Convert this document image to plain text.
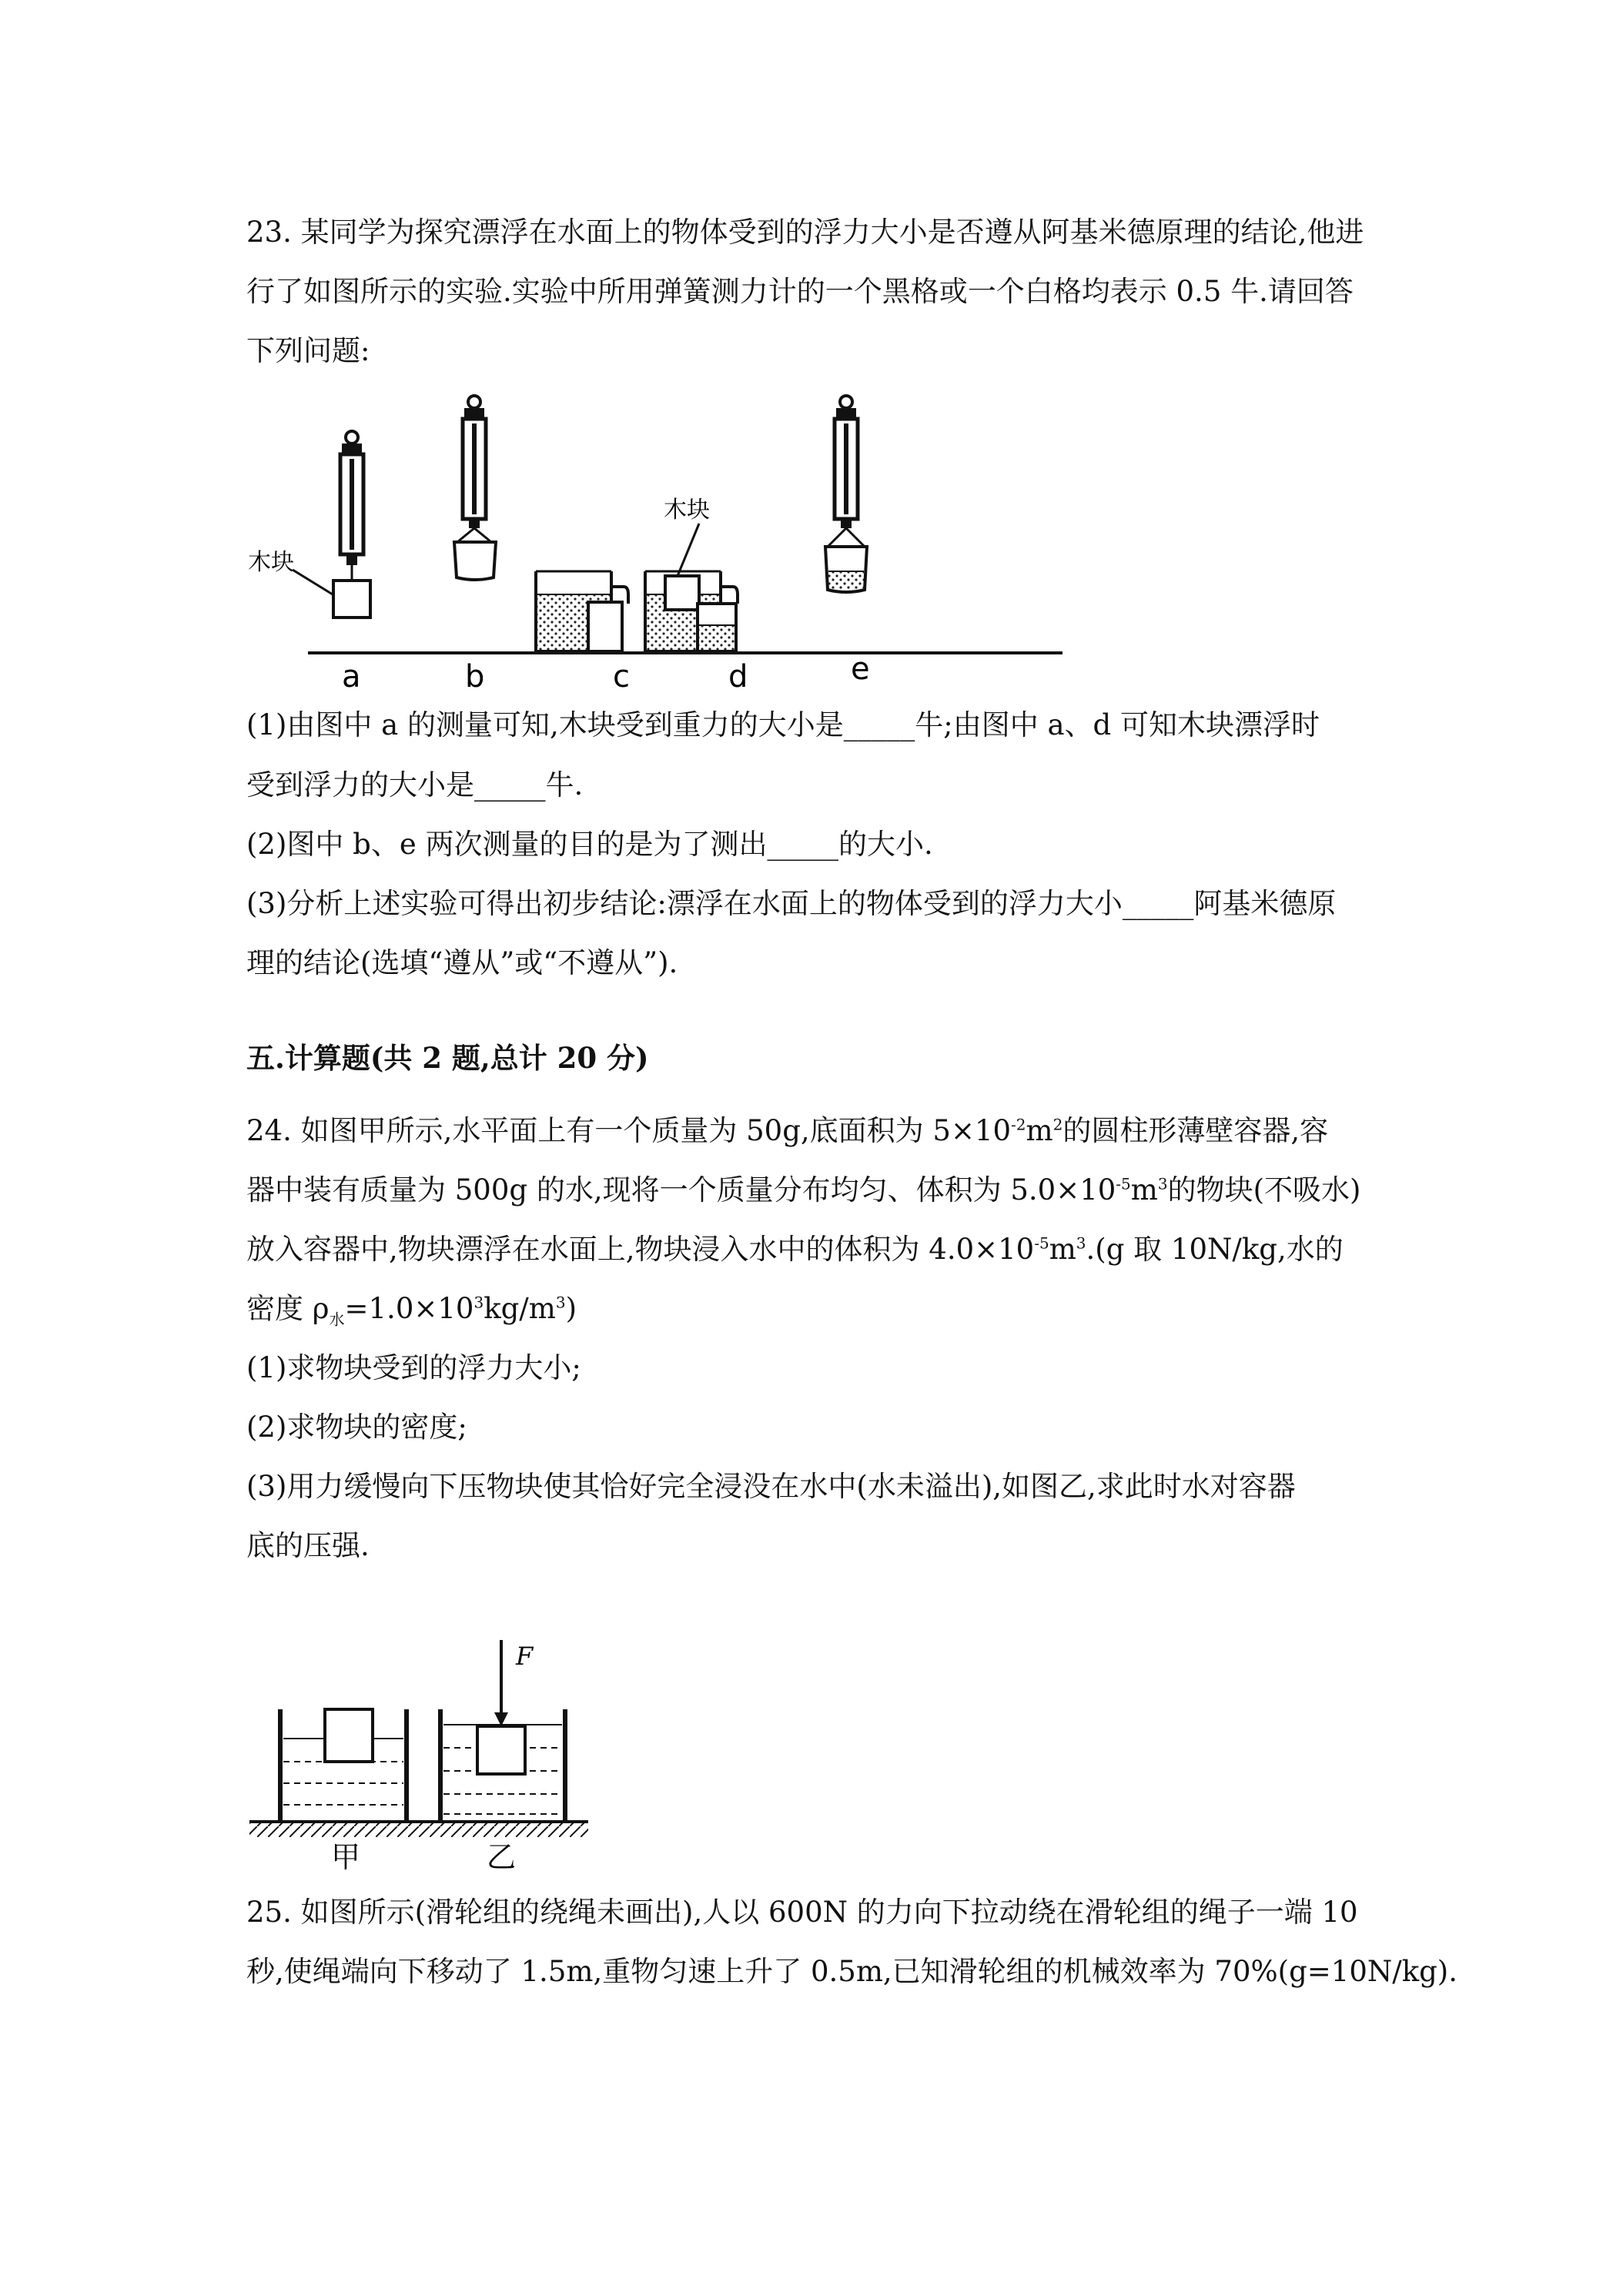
23. 某同学为探究漂浮在水面上的物体受到的浮力大小是否遵从阿基米德原理的结论,他进

行了如图所示的实验.实验中所用弹簧测力计的一个黑格或一个白格均表示 0.5 牛.请回答

下列问题:

木块
木块
a	b	c	d	e

(1)由图中 a 的测量可知,木块受到重力的大小是_____牛;由图中 a、d 可知木块漂浮时

受到浮力的大小是_____牛.

(2)图中 b、e 两次测量的目的是为了测出_____的大小.

(3)分析上述实验可得出初步结论:漂浮在水面上的物体受到的浮力大小_____阿基米德原

理的结论(选填“遵从”或“不遵从”).

五.计算题(共 2 题,总计 20 分)

24. 如图甲所示,水平面上有一个质量为 50g,底面积为 $5\times 10^{-2}m^2$的圆柱形薄壁容器,容

器中装有质量为 500g 的水,现将一个质量分布均匀、体积为 $5.0\times 10^{-5}m^3$的物块(不吸水)

放入容器中,物块漂浮在水面上,物块浸入水中的体积为 $4.0\times 10^{-5}m^3.(g$ 取 10N/kg,水的

密度 $\rho_水=1.0\times 10^3kg/m^3$)

(1)求物块受到的浮力大小;

(2)求物块的密度;

(3)用力缓慢向下压物块使其恰好完全浸没在水中(水未溢出),如图乙,求此时水对容器

底的压强.

F
甲	乙

25. 如图所示(滑轮组的绕绳未画出),人以 600N 的力向下拉动绕在滑轮组的绳子一端 10

秒,使绳端向下移动了 1.5m,重物匀速上升了 0.5m,已知滑轮组的机械效率为 70%(g=10N/kg).
